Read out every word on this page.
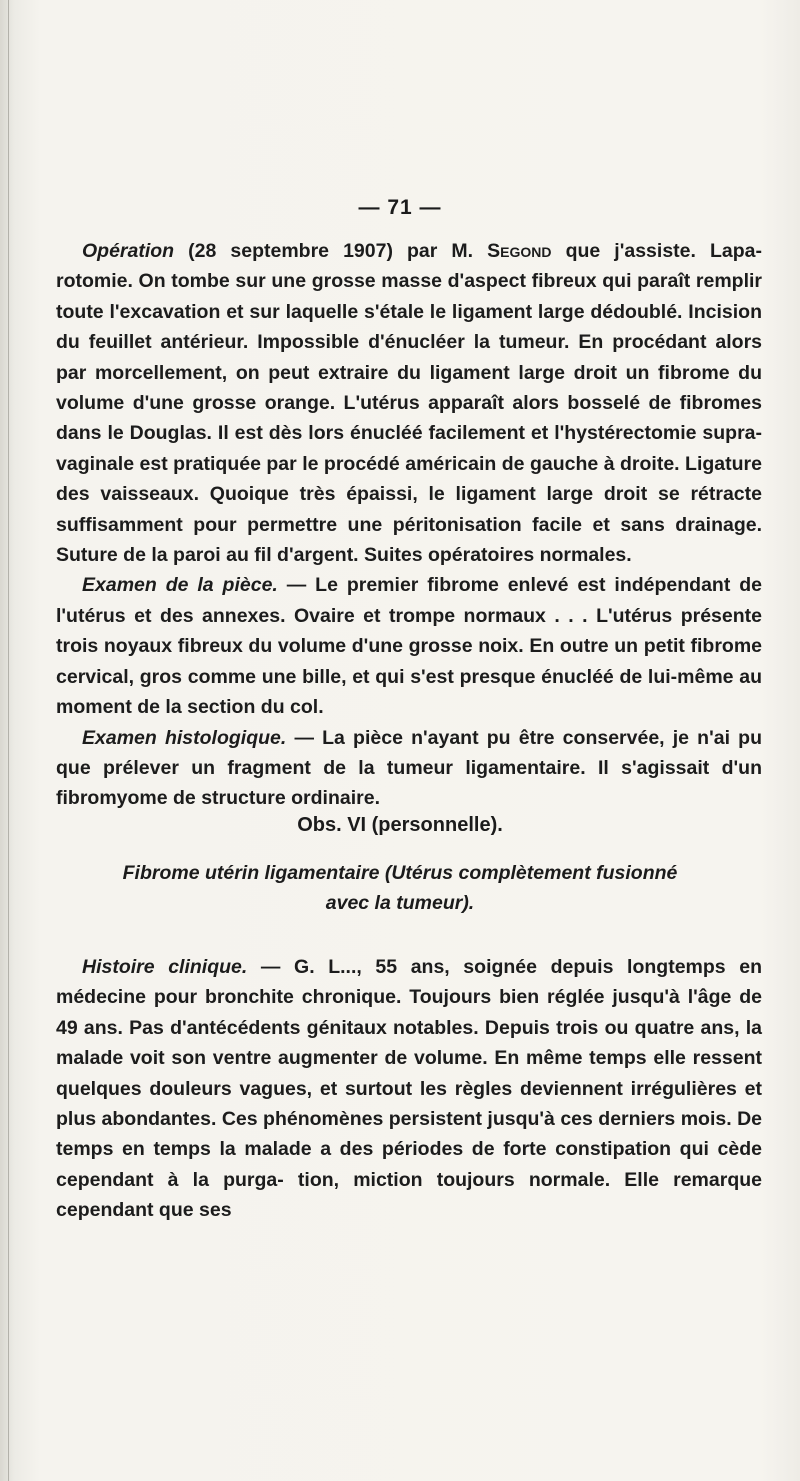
— 71 —

Opération (28 septembre 1907) par M. Segond que j'assiste. Lapa- rotomie. On tombe sur une grosse masse d'aspect fibreux qui paraît remplir toute l'excavation et sur laquelle s'étale le ligament large dédoublé. Incision du feuillet antérieur. Impossible d'énucléer la tumeur. En procédant alors par morcellement, on peut extraire du ligament large droit un fibrome du volume d'une grosse orange. L'utérus apparaît alors bosselé de fibromes dans le Douglas. Il est dès lors énucléé facilement et l'hystérectomie supra-vaginale est pratiquée par le procédé américain de gauche à droite. Ligature des vaisseaux. Quoique très épaissi, le ligament large droit se rétracte suffisamment pour permettre une péritonisation facile et sans drainage. Suture de la paroi au fil d'argent. Suites opératoires normales.

Examen de la pièce. — Le premier fibrome enlevé est indépendant de l'utérus et des annexes. Ovaire et trompe normaux . . . L'utérus présente trois noyaux fibreux du volume d'une grosse noix. En outre un petit fibrome cervical, gros comme une bille, et qui s'est presque énucléé de lui-même au moment de la section du col.

Examen histologique. — La pièce n'ayant pu être conservée, je n'ai pu que prélever un fragment de la tumeur ligamentaire. Il s'agissait d'un fibromyome de structure ordinaire.

Obs. VI (personnelle).
Fibrome utérin ligamentaire (Utérus complètement fusionné
avec la tumeur).

Histoire clinique. — G. L..., 55 ans, soignée depuis longtemps en médecine pour bronchite chronique. Toujours bien réglée jusqu'à l'âge de 49 ans. Pas d'antécédents génitaux notables. Depuis trois ou quatre ans, la malade voit son ventre augmenter de volume. En même temps elle ressent quelques douleurs vagues, et surtout les règles deviennent irrégulières et plus abondantes. Ces phénomènes persistent jusqu'à ces derniers mois. De temps en temps la malade a des périodes de forte constipation qui cède cependant à la purga- tion, miction toujours normale. Elle remarque cependant que ses
